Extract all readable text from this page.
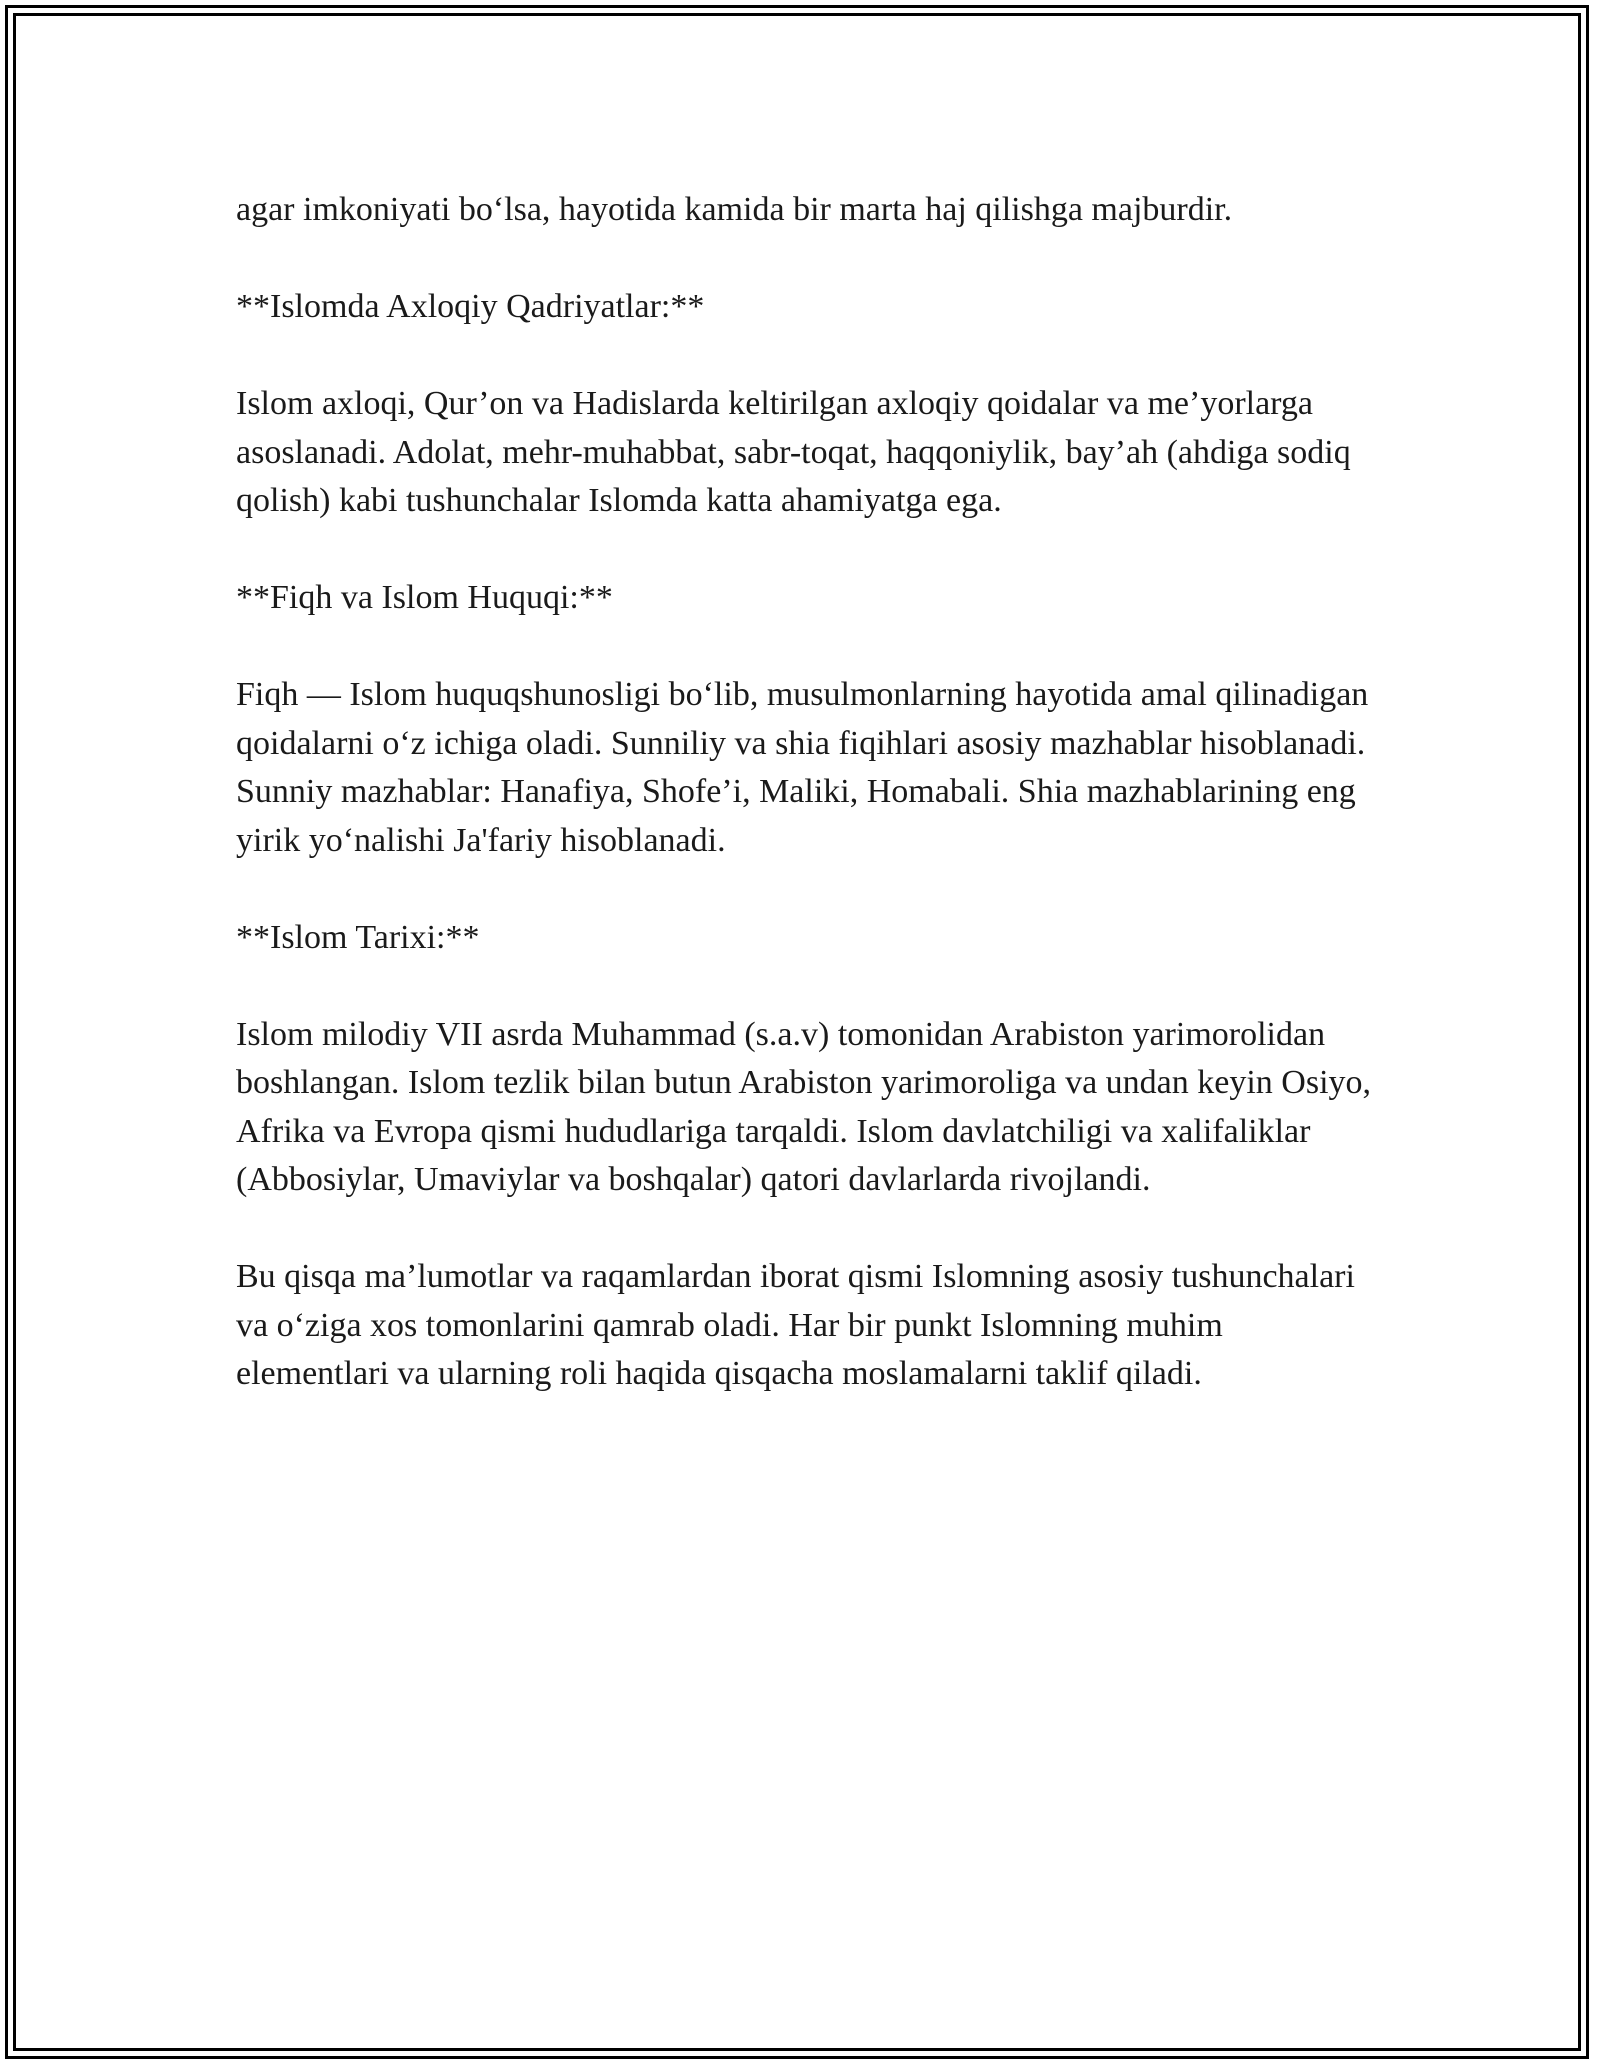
agar imkoniyati bo‘lsa, hayotida kamida bir marta haj qilishga majburdir.

**Islomda Axloqiy Qadriyatlar:**

Islom axloqi, Qur’on va Hadislarda keltirilgan axloqiy qoidalar va me’yorlarga asoslanadi. Adolat, mehr-muhabbat, sabr-toqat, haqqoniylik, bay’ah (ahdiga sodiq qolish) kabi tushunchalar Islomda katta ahamiyatga ega.

**Fiqh va Islom Huquqi:**

Fiqh — Islom huquqshunosligi bo‘lib, musulmonlarning hayotida amal qilinadigan qoidalarni o‘z ichiga oladi. Sunniliy va shia fiqihlari asosiy mazhablar hisoblanadi. Sunniy mazhablar: Hanafiya, Shofe’i, Maliki, Homabali. Shia mazhablarining eng yirik yo‘nalishi Ja'fariy hisoblanadi.

**Islom Tarixi:**

Islom milodiy VII asrda Muhammad (s.a.v) tomonidan Arabiston yarimorolidan boshlangan. Islom tezlik bilan butun Arabiston yarimoroliga va undan keyin Osiyo, Afrika va Evropa qismi hududlariga tarqaldi. Islom davlatchiligi va xalifaliklar (Abbosiylar, Umaviylar va boshqalar) qatori davlarlarda rivojlandi.

Bu qisqa ma’lumotlar va raqamlardan iborat qismi Islomning asosiy tushunchalari va o‘ziga xos tomonlarini qamrab oladi. Har bir punkt Islomning muhim elementlari va ularning roli haqida qisqacha moslamalarni taklif qiladi.
